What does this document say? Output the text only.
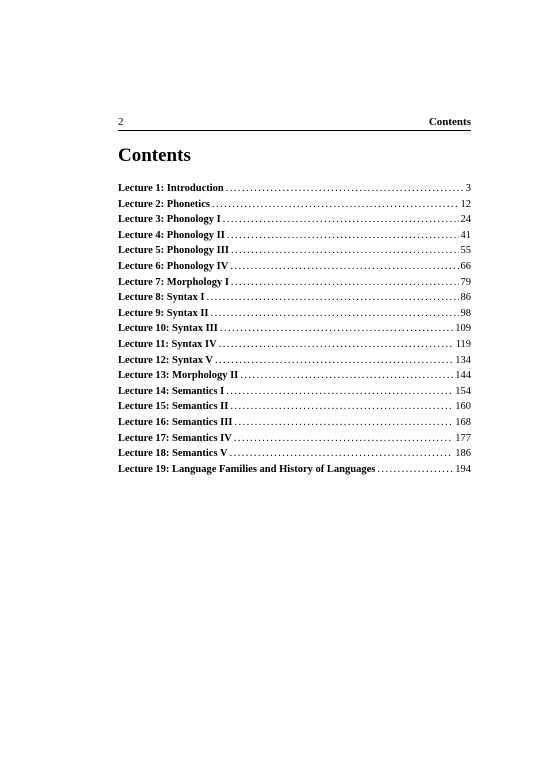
2	Contents
Contents
Lecture 1: Introduction . . .	3
Lecture 2: Phonetics . . .	12
Lecture 3: Phonology I . . .	24
Lecture 4: Phonology II . . .	41
Lecture 5: Phonology III . . .	55
Lecture 6: Phonology IV . . .	66
Lecture 7: Morphology I . . .	79
Lecture 8: Syntax I . . .	86
Lecture 9: Syntax II . . .	98
Lecture 10: Syntax III . . .	109
Lecture 11: Syntax IV . . .	119
Lecture 12: Syntax V . . .	134
Lecture 13: Morphology II . . .	144
Lecture 14: Semantics I . . .	154
Lecture 15: Semantics II . . .	160
Lecture 16: Semantics III . . .	168
Lecture 17: Semantics IV . . .	177
Lecture 18: Semantics V . . .	186
Lecture 19: Language Families and History of Languages . . .	194
